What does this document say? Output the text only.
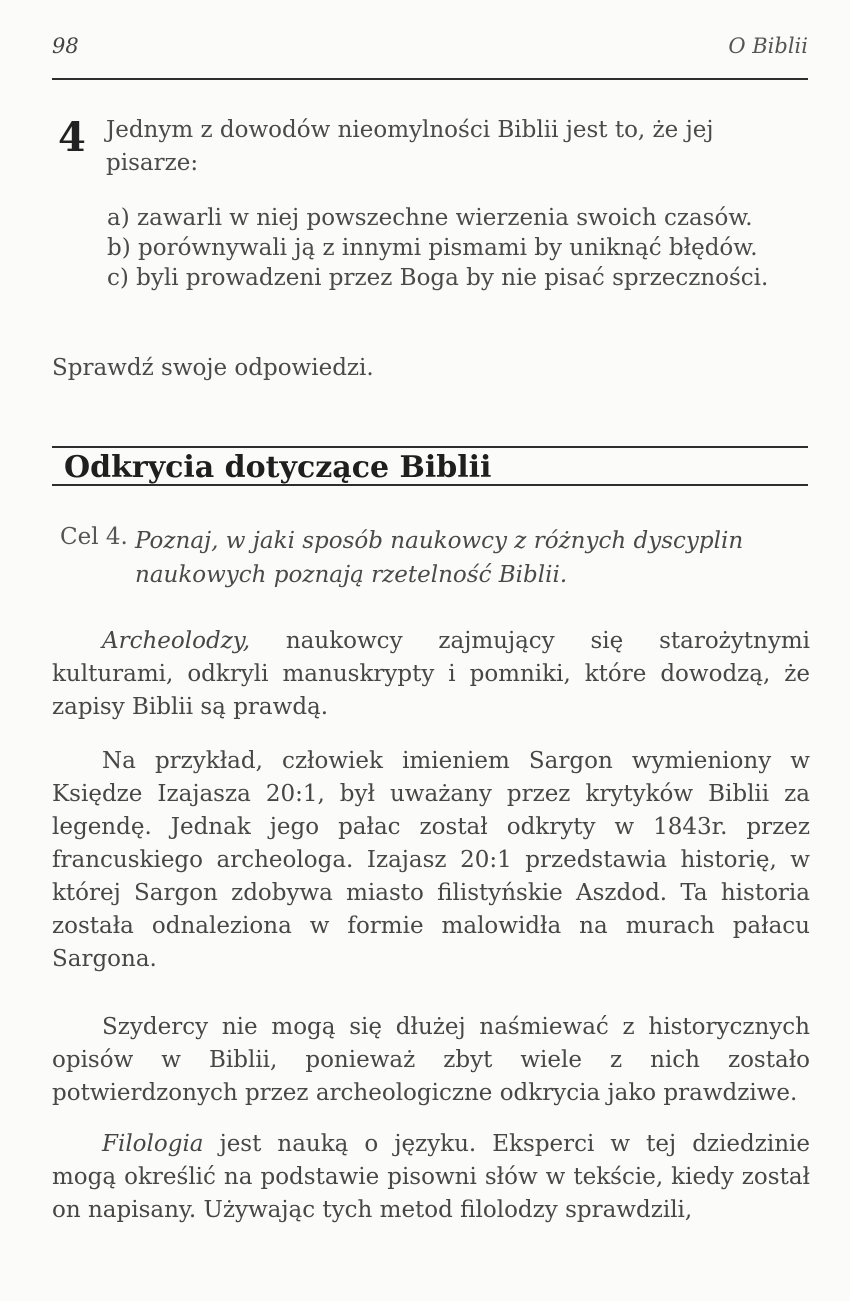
98	O Biblii
4 Jednym z dowodów nieomylności Biblii jest to, że jej pisarze:
a) zawarli w niej powszechne wierzenia swoich czasów.
b) porównywali ją z innymi pismami by uniknąć błędów.
c) byli prowadzeni przez Boga by nie pisać sprzeczności.
Sprawdź swoje odpowiedzi.
Odkrycia dotyczące Biblii
Cel 4. Poznaj, w jaki sposób naukowcy z różnych dyscyplin naukowych poznają rzetelność Biblii.

Archeolodzy, naukowcy zajmujący się starożytnymi kulturami, odkryli manuskrypty i pomniki, które dowodzą, że zapisy Biblii są prawdą.

Na przykład, człowiek imieniem Sargon wymieniony w Księdze Izajasza 20:1, był uważany przez krytyków Biblii za legendę. Jednak jego pałac został odkryty w 1843r. przez francuskiego archeologa. Izajasz 20:1 przedstawia historię, w której Sargon zdobywa miasto filistyńskie Aszdod. Ta historia została odnaleziona w formie malowidła na murach pałacu Sargona.

Szydercy nie mogą się dłużej naśmiewać z historycznych opisów w Biblii, ponieważ zbyt wiele z nich zostało potwierdzonych przez archeologiczne odkrycia jako prawdziwe.

Filologia jest nauką o języku. Eksperci w tej dziedzinie mogą określić na podstawie pisowni słów w tekście, kiedy został on napisany. Używając tych metod filolodzy sprawdzili,
